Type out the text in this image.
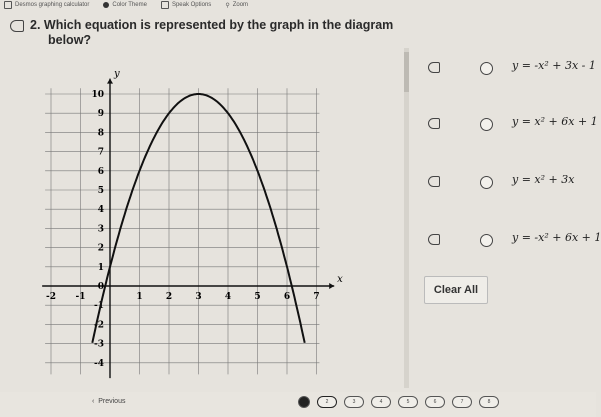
Desmos graphing calculator	Color Theme	Speak Options ⚲ Zoom
2. Which equation is represented by the graph in the diagram
below?
-2 -1	1	2	3	4	5	6	7
10
9
8
7
6
5
4
3
2
1
0
-1
-2
-3
-4
x
y
y = -x² + 3x - 1
y = x² + 6x + 1
y = x² + 3x
y = -x² + 6x + 1
Clear All
‹  Previous	1	2	3	4	5	6	7	8
